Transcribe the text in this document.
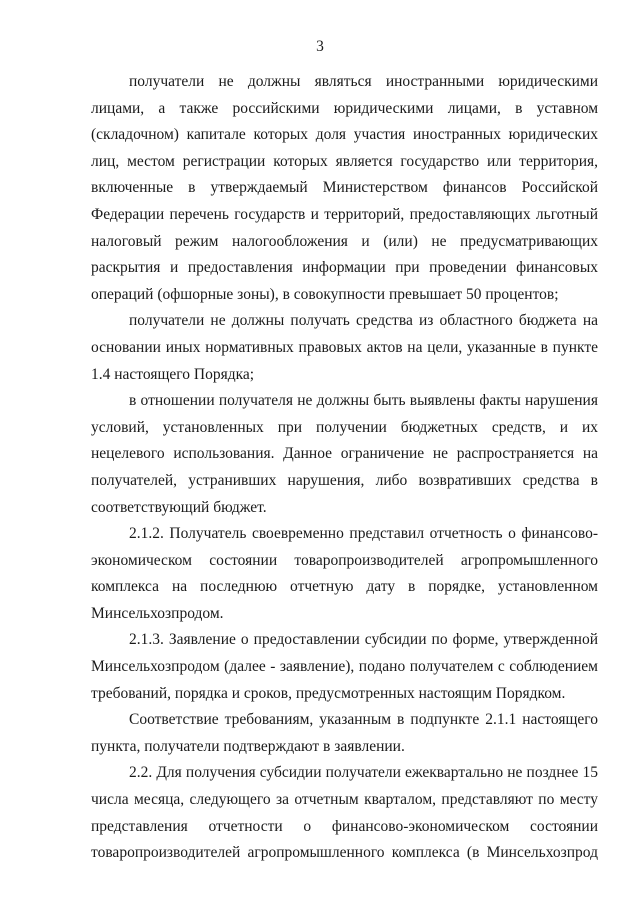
3

получатели не должны являться иностранными юридическими лицами, а также российскими юридическими лицами, в уставном (складочном) капитале которых доля участия иностранных юридических лиц, местом регистрации которых является государство или территория, включенные в утверждаемый Министерством финансов Российской Федерации перечень государств и территорий, предоставляющих льготный налоговый режим налогообложения и (или) не предусматривающих раскрытия и предоставления информации при проведении финансовых операций (офшорные зоны), в совокупности превышает 50 процентов;

получатели не должны получать средства из областного бюджета на основании иных нормативных правовых актов на цели, указанные в пункте 1.4 настоящего Порядка;

в отношении получателя не должны быть выявлены факты нарушения условий, установленных при получении бюджетных средств, и их нецелевого использования. Данное ограничение не распространяется на получателей, устранивших нарушения, либо возвративших средства в соответствующий бюджет.

2.1.2. Получатель своевременно представил отчетность о финансово-экономическом состоянии товаропроизводителей агропромышленного комплекса на последнюю отчетную дату в порядке, установленном Минсельхозпродом.

2.1.3. Заявление о предоставлении субсидии по форме, утвержденной Минсельхозпродом (далее - заявление), подано получателем с соблюдением требований, порядка и сроков, предусмотренных настоящим Порядком.

Соответствие требованиям, указанным в подпункте 2.1.1 настоящего пункта, получатели подтверждают в заявлении.

2.2. Для получения субсидии получатели ежеквартально не позднее 15 числа месяца, следующего за отчетным кварталом, представляют по месту представления отчетности о финансово-экономическом состоянии товаропроизводителей агропромышленного комплекса (в Минсельхозпрод
